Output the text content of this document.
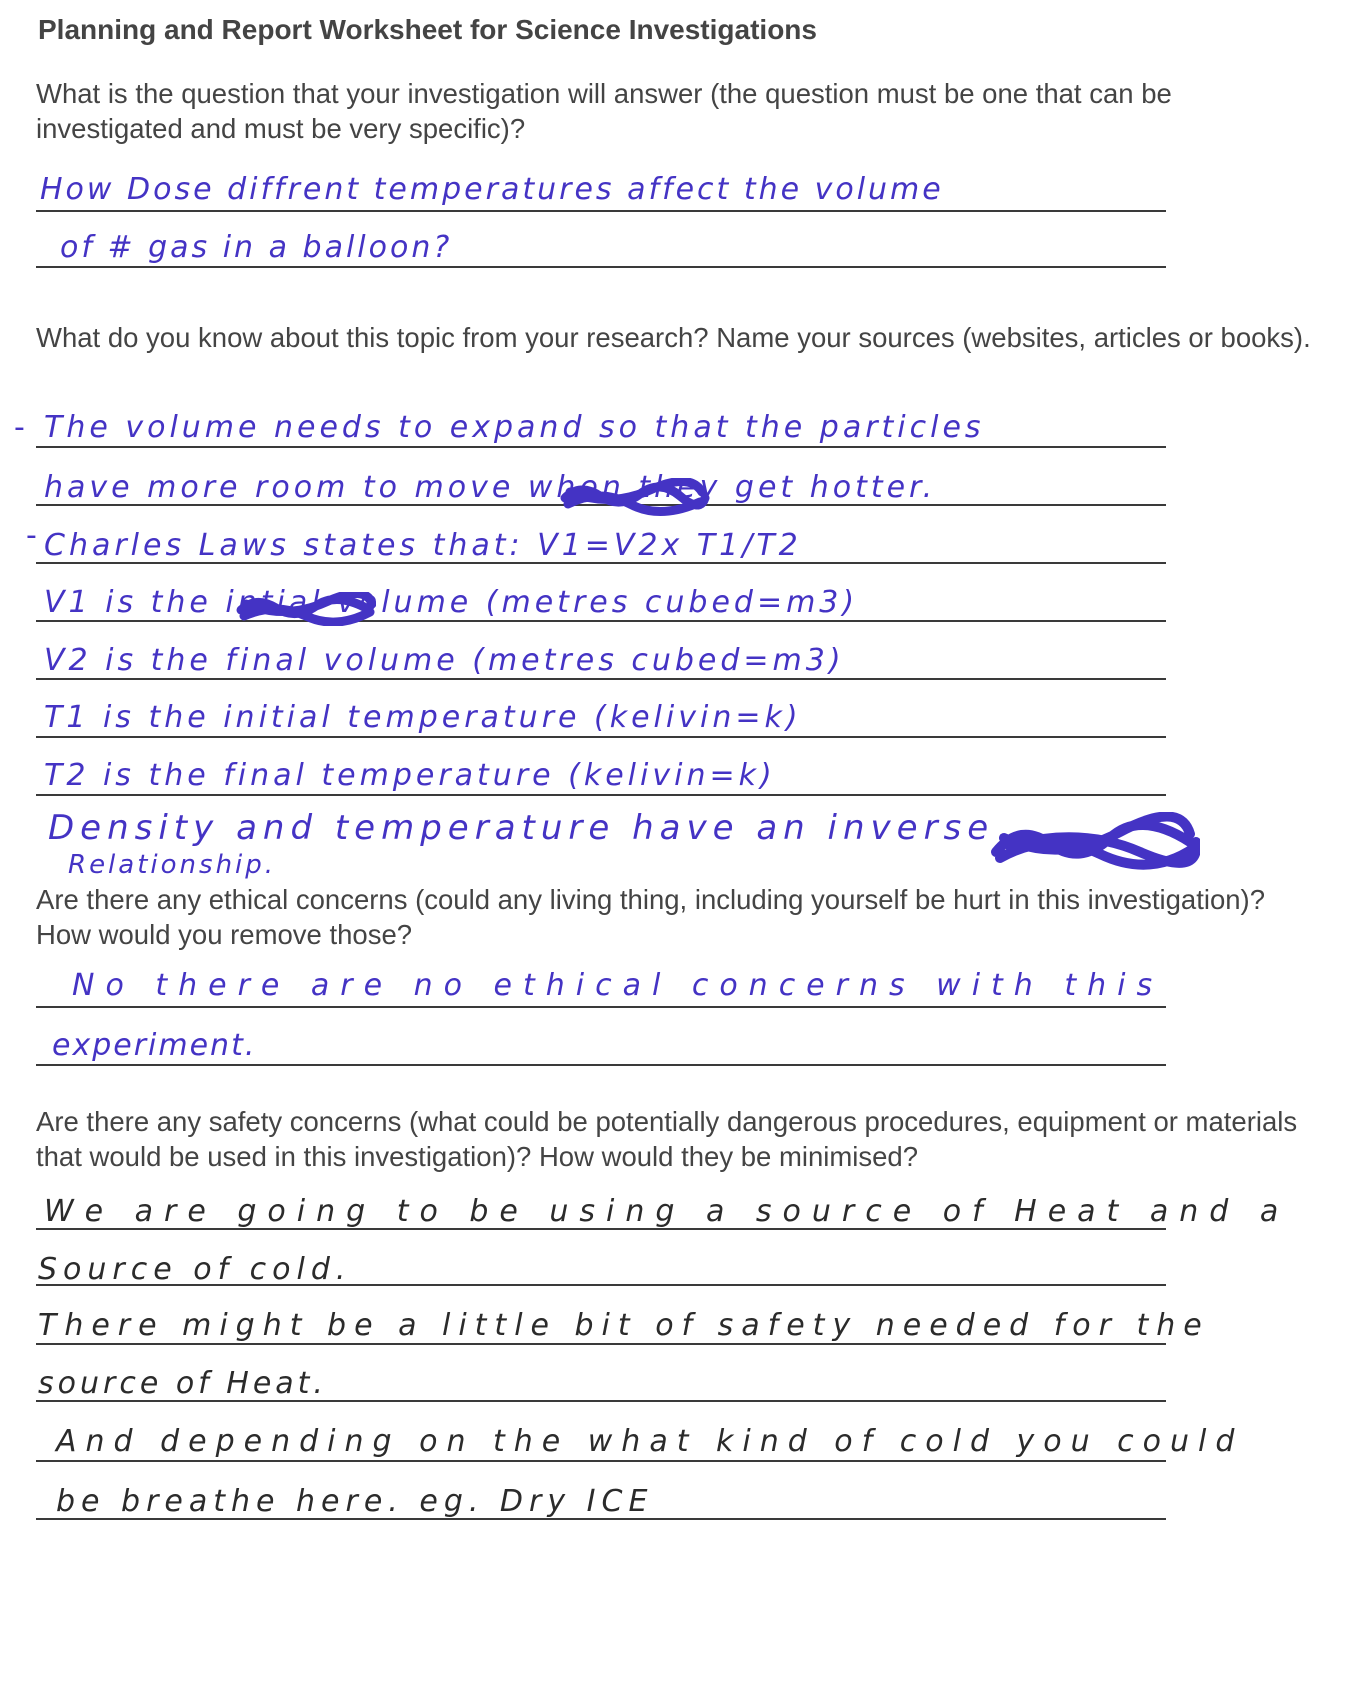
Planning and Report Worksheet for Science Investigations
What is the question that your investigation will answer (the question must be one that can be investigated and must be very specific)?
How Dose diffrent temperatures affect the volume
of # gas in a balloon?
What do you know about this topic from your research? Name your sources (websites, articles or books).
-
-
The volume needs to expand so that the particles
have more room to move when they get hotter.
Charles Laws states that: V1=V2x T1/T2
V1 is the intial volume (metres cubed=m3)
V2 is the final volume (metres cubed=m3)
T1 is the initial temperature (kelivin=k)
T2 is the final temperature (kelivin=k)
Density and temperature have an inverse
Relationship.
Are there any ethical concerns (could any living thing, including yourself be hurt in this investigation)? How would you remove those?
No there are no ethical concerns with this
experiment.
Are there any safety concerns (what could be potentially dangerous procedures, equipment or materials that would be used in this investigation)? How would they be minimised?
We are going to be using a source of Heat and a
Source of cold.
There might be a little bit of safety needed for the
source of Heat.
And depending on the what kind of cold you could
be breathe here. eg. Dry ICE
